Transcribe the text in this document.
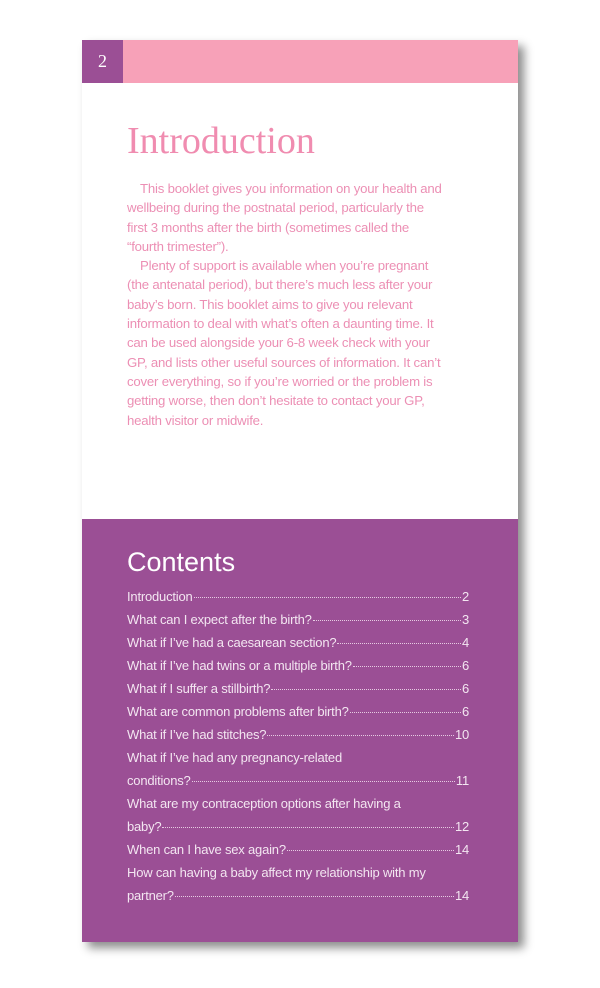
2
Introduction

This booklet gives you information on your health and wellbeing during the postnatal period, particularly the first 3 months after the birth (sometimes called the “fourth trimester”).

Plenty of support is available when you’re pregnant (the antenatal period), but there’s much less after your baby’s born. This booklet aims to give you relevant information to deal with what’s often a daunting time. It can be used alongside your 6-8 week check with your GP, and lists other useful sources of information. It can’t cover everything, so if you’re worried or the problem is getting worse, then don’t hesitate to contact your GP, health visitor or midwife.

Contents
Introduction	2
What can I expect after the birth?	3
What if I’ve had a caesarean section?	4
What if I’ve had twins or a multiple birth?	6
What if I suffer a stillbirth?	6
What are common problems after birth?	6
What if I’ve had stitches?	10
What if I’ve had any pregnancy-related
conditions?	11
What are my contraception options after having a
baby?	12
When can I have sex again?	14
How can having a baby affect my relationship with my
partner?	14
